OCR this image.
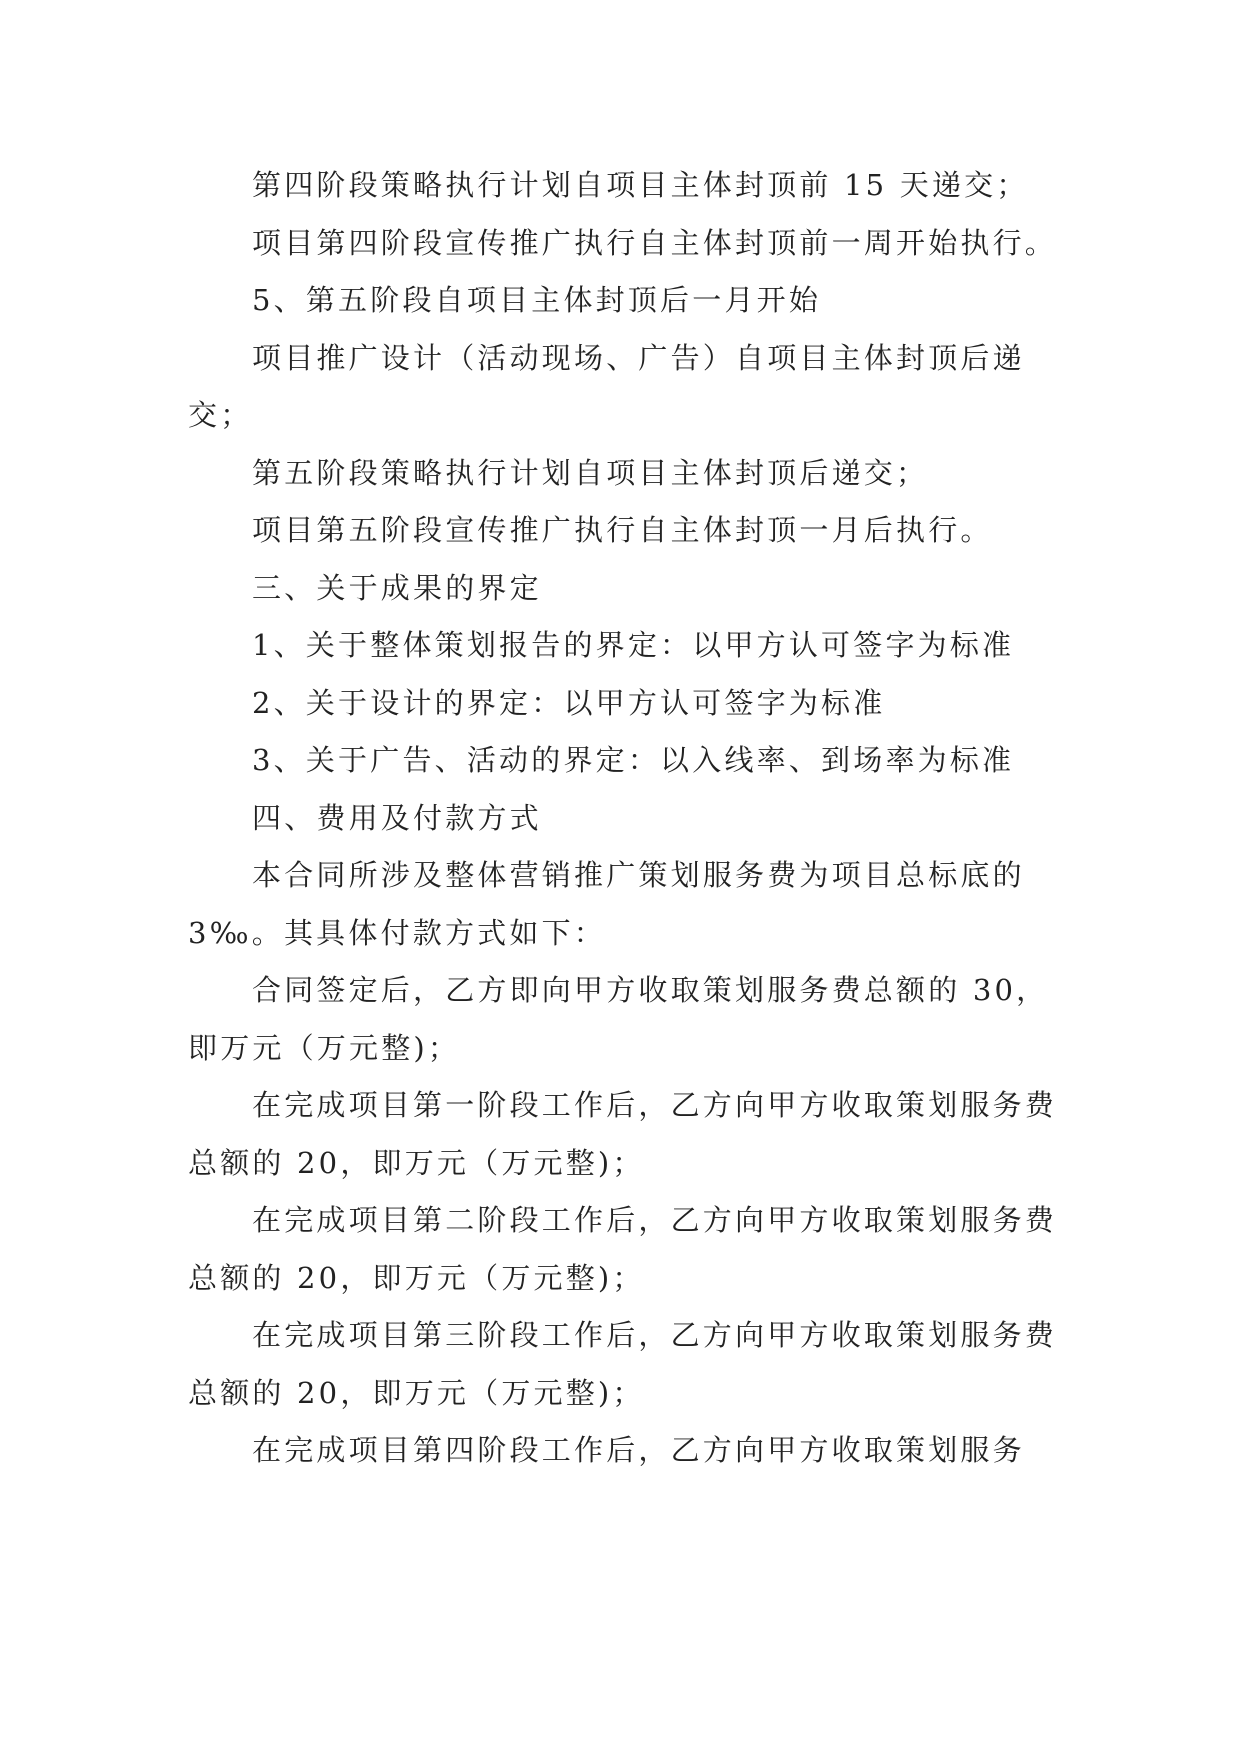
第四阶段策略执行计划自项目主体封顶前 15 天递交；

项目第四阶段宣传推广执行自主体封顶前一周开始执行。

5、第五阶段自项目主体封顶后一月开始

项目推广设计（活动现场、广告）自项目主体封顶后递交；

第五阶段策略执行计划自项目主体封顶后递交；

项目第五阶段宣传推广执行自主体封顶一月后执行。

三、关于成果的界定

1、关于整体策划报告的界定：以甲方认可签字为标准

2、关于设计的界定：以甲方认可签字为标准

3、关于广告、活动的界定：以入线率、到场率为标准

四、费用及付款方式

本合同所涉及整体营销推广策划服务费为项目总标底的 3‰。其具体付款方式如下：

合同签定后，乙方即向甲方收取策划服务费总额的 30，即万元（万元整)；

在完成项目第一阶段工作后，乙方向甲方收取策划服务费总额的 20，即万元（万元整)；

在完成项目第二阶段工作后，乙方向甲方收取策划服务费总额的 20，即万元（万元整)；

在完成项目第三阶段工作后，乙方向甲方收取策划服务费总额的 20，即万元（万元整)；

在完成项目第四阶段工作后，乙方向甲方收取策划服务
